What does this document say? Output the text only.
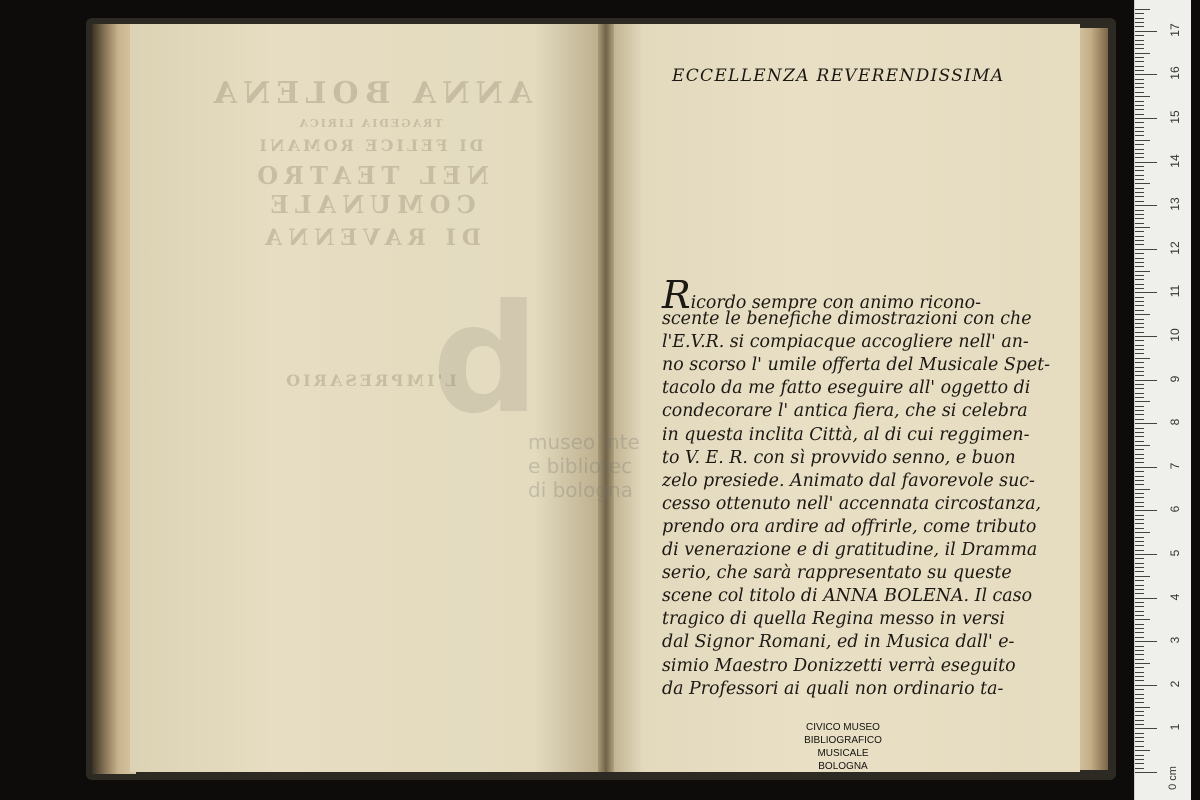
ANNA BOLENA
TRAGEDIA LIRICA
DI FELICE ROMANI
NEL TEATRO COMUNALE
DI RAVENNA
L'IMPRESARIO
d
museo inte
e bibliotec
di bologna
ECCELLENZA REVERENDISSIMA
Ricordo sempre con animo ricono-
scente le benefiche dimostrazioni con che
l'E.V.R. si compiacque accogliere nell' an-
no scorso l' umile offerta del Musicale Spet-
tacolo da me fatto eseguire all' oggetto di
condecorare l' antica fiera, che si celebra
in questa inclita Città, al di cui reggimen-
to V. E. R. con sì provvido senno, e buon
zelo presiede. Animato dal favorevole suc-
cesso ottenuto nell' accennata circostanza,
prendo ora ardire ad offrirle, come tributo
di venerazione e di gratitudine, il Dramma
serio, che sarà rappresentato su queste
scene col titolo di ANNA BOLENA. Il caso
tragico di quella Regina messo in versi
dal Signor Romani, ed in Musica dall' e-
simio Maestro Donizzetti verrà eseguito
da Professori ai quali non ordinario ta-
CIVICO MUSEO
BIBLIOGRAFICO MUSICALE
BOLOGNA	0 cm
1
2
3
4
5
6
7
8
9
10
11
12
13
14
15
16
17
